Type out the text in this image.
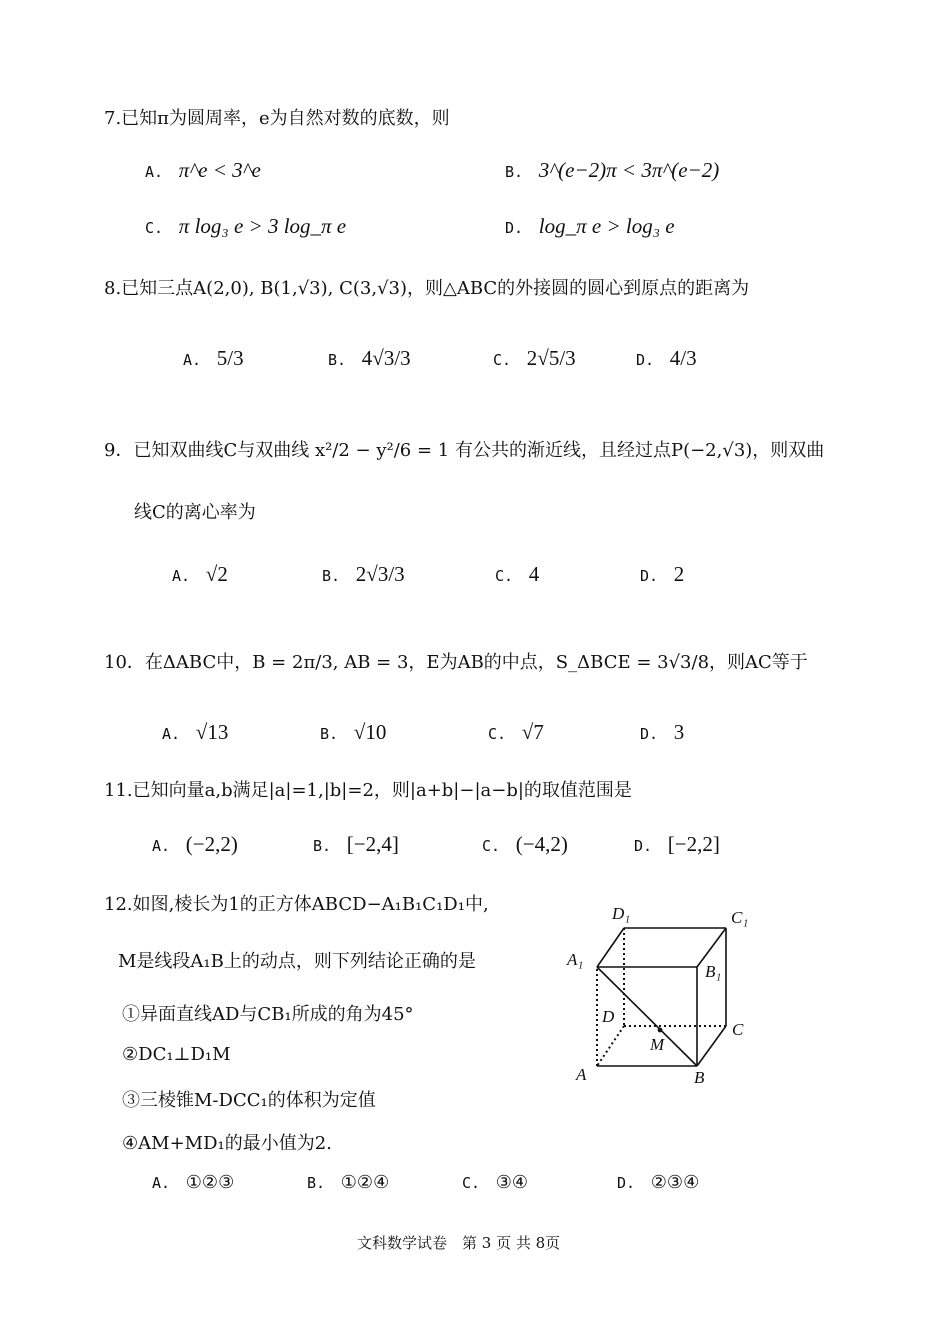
7.已知π为圆周率，e为自然对数的底数，则
A. π^e < 3^e	B. 3^(e−2)π < 3π^(e−2)
C. π log₃ e > 3 log_π e	D. log_π e > log₃ e
8.已知三点A(2,0), B(1,√3), C(3,√3)，则△ABC的外接圆的圆心到原点的距离为
A. 5/3	B. 4√3/3	C. 2√5/3	D. 4/3
9．已知双曲线C与双曲线 x²/2 − y²/6 = 1 有公共的渐近线，且经过点P(−2,√3)，则双曲
线C的离心率为
A. √2	B. 2√3/3	C. 4	D. 2
10．在ΔABC中，B = 2π/3, AB = 3，E为AB的中点，S_ΔBCE = 3√3/8，则AC等于
A. √13	B. √10	C. √7	D. 3
11.已知向量a,b满足|a|=1,|b|=2，则|a+b|−|a−b|的取值范围是
A. (−2,2)	B. [−2,4]	C. (−4,2)	D. [−2,2]
12.如图,棱长为1的正方体ABCD−A₁B₁C₁D₁中,
M是线段A₁B上的动点，则下列结论正确的是
①异面直线AD与CB₁所成的角为45°
②DC₁⊥D₁M
③三棱锥M-DCC₁的体积为定值
④AM+MD₁的最小值为2.
A. ①②③	B. ①②④	C. ③④	D. ②③④
D₁	C₁
A₁
B₁
D
C
M
A	B
文科数学试卷　第 3 页 共 8页
